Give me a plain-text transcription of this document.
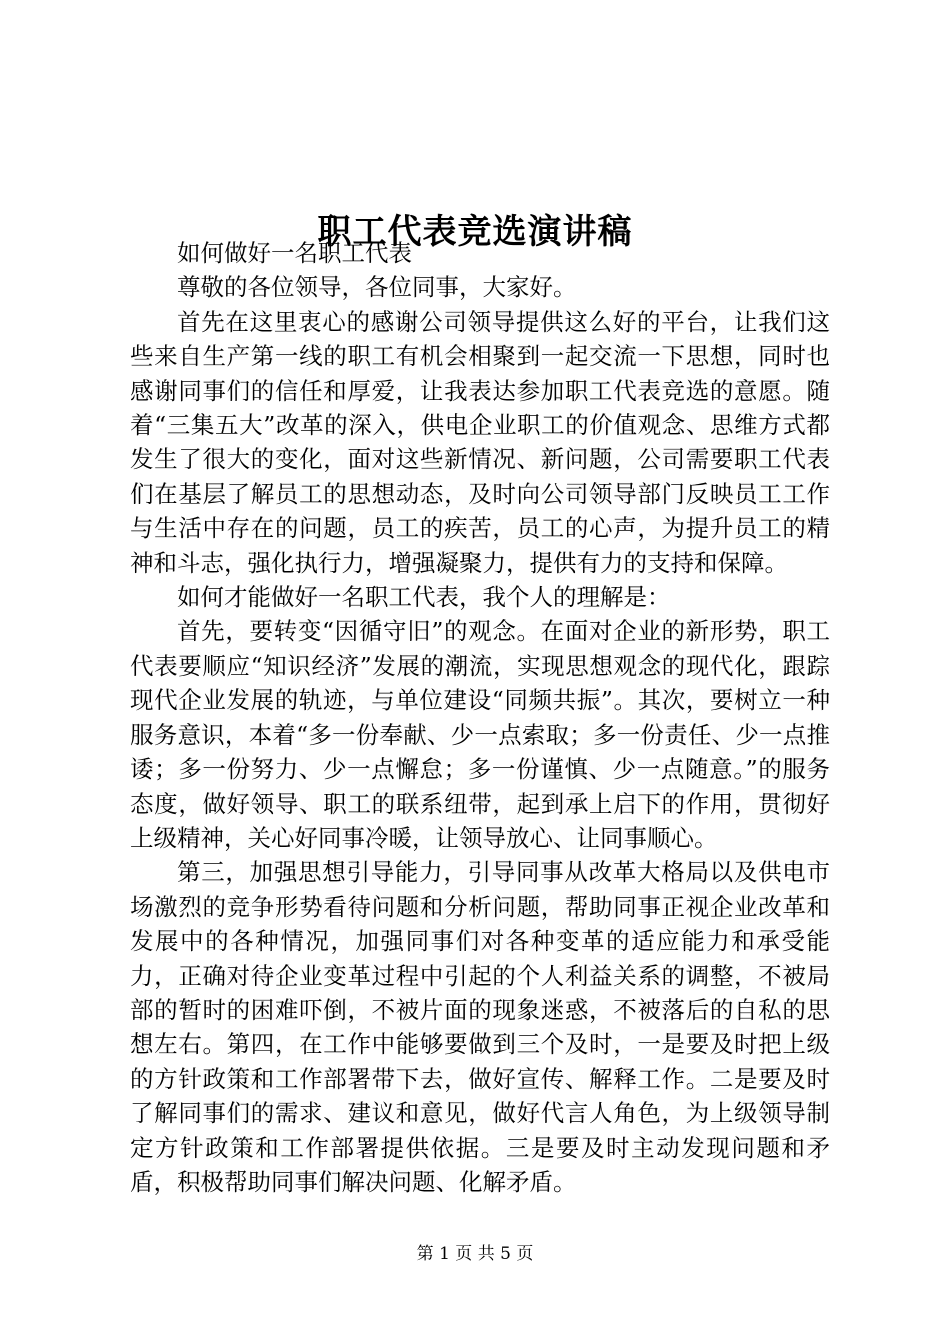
职工代表竞选演讲稿

如何做好一名职工代表

尊敬的各位领导，各位同事，大家好。

首先在这里衷心的感谢公司领导提供这么好的平台，让我们这些来自生产第一线的职工有机会相聚到一起交流一下思想，同时也感谢同事们的信任和厚爱，让我表达参加职工代表竞选的意愿。随着“三集五大”改革的深入，供电企业职工的价值观念、思维方式都发生了很大的变化，面对这些新情况、新问题，公司需要职工代表们在基层了解员工的思想动态，及时向公司领导部门反映员工工作与生活中存在的问题，员工的疾苦，员工的心声，为提升员工的精神和斗志，强化执行力，增强凝聚力，提供有力的支持和保障。

如何才能做好一名职工代表，我个人的理解是：

首先，要转变“因循守旧”的观念。在面对企业的新形势，职工代表要顺应“知识经济”发展的潮流，实现思想观念的现代化，跟踪现代企业发展的轨迹，与单位建设“同频共振”。其次，要树立一种服务意识，本着“多一份奉献、少一点索取；多一份责任、少一点推诿；多一份努力、少一点懈怠；多一份谨慎、少一点随意。”的服务态度，做好领导、职工的联系纽带，起到承上启下的作用，贯彻好上级精神，关心好同事冷暖，让领导放心、让同事顺心。

第三，加强思想引导能力，引导同事从改革大格局以及供电市场激烈的竞争形势看待问题和分析问题，帮助同事正视企业改革和发展中的各种情况，加强同事们对各种变革的适应能力和承受能力，正确对待企业变革过程中引起的个人利益关系的调整，不被局部的暂时的困难吓倒，不被片面的现象迷惑，不被落后的自私的思想左右。第四，在工作中能够要做到三个及时，一是要及时把上级的方针政策和工作部署带下去，做好宣传、解释工作。二是要及时了解同事们的需求、建议和意见，做好代言人角色，为上级领导制定方针政策和工作部署提供依据。三是要及时主动发现问题和矛盾，积极帮助同事们解决问题、化解矛盾。

第 1 页 共 5 页
